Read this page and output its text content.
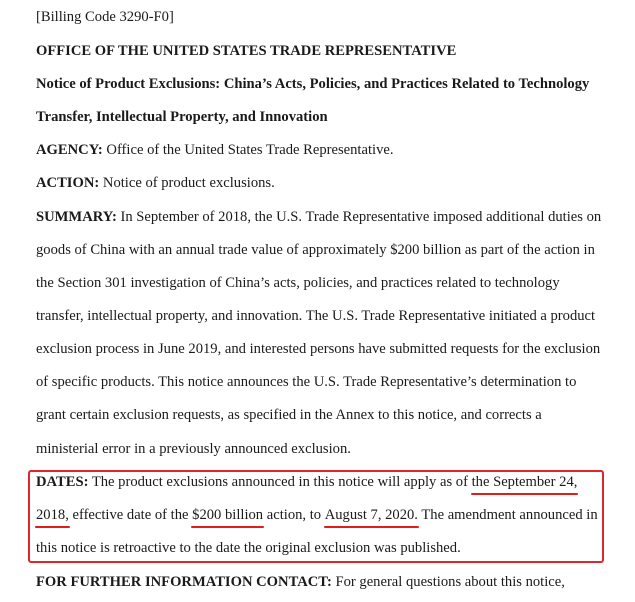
[Billing Code 3290-F0]
OFFICE OF THE UNITED STATES TRADE REPRESENTATIVE
Notice of Product Exclusions: China’s Acts, Policies, and Practices Related to Technology
Transfer, Intellectual Property, and Innovation
AGENCY: Office of the United States Trade Representative.
ACTION: Notice of product exclusions.
SUMMARY: In September of 2018, the U.S. Trade Representative imposed additional duties on
goods of China with an annual trade value of approximately $200 billion as part of the action in
the Section 301 investigation of China’s acts, policies, and practices related to technology
transfer, intellectual property, and innovation. The U.S. Trade Representative initiated a product
exclusion process in June 2019, and interested persons have submitted requests for the exclusion
of specific products. This notice announces the U.S. Trade Representative’s determination to
grant certain exclusion requests, as specified in the Annex to this notice, and corrects a
ministerial error in a previously announced exclusion.
DATES: The product exclusions announced in this notice will apply as of the September 24,
2018, effective date of the $200 billion action, to August 7, 2020. The amendment announced in
this notice is retroactive to the date the original exclusion was published.
FOR FURTHER INFORMATION CONTACT: For general questions about this notice,
